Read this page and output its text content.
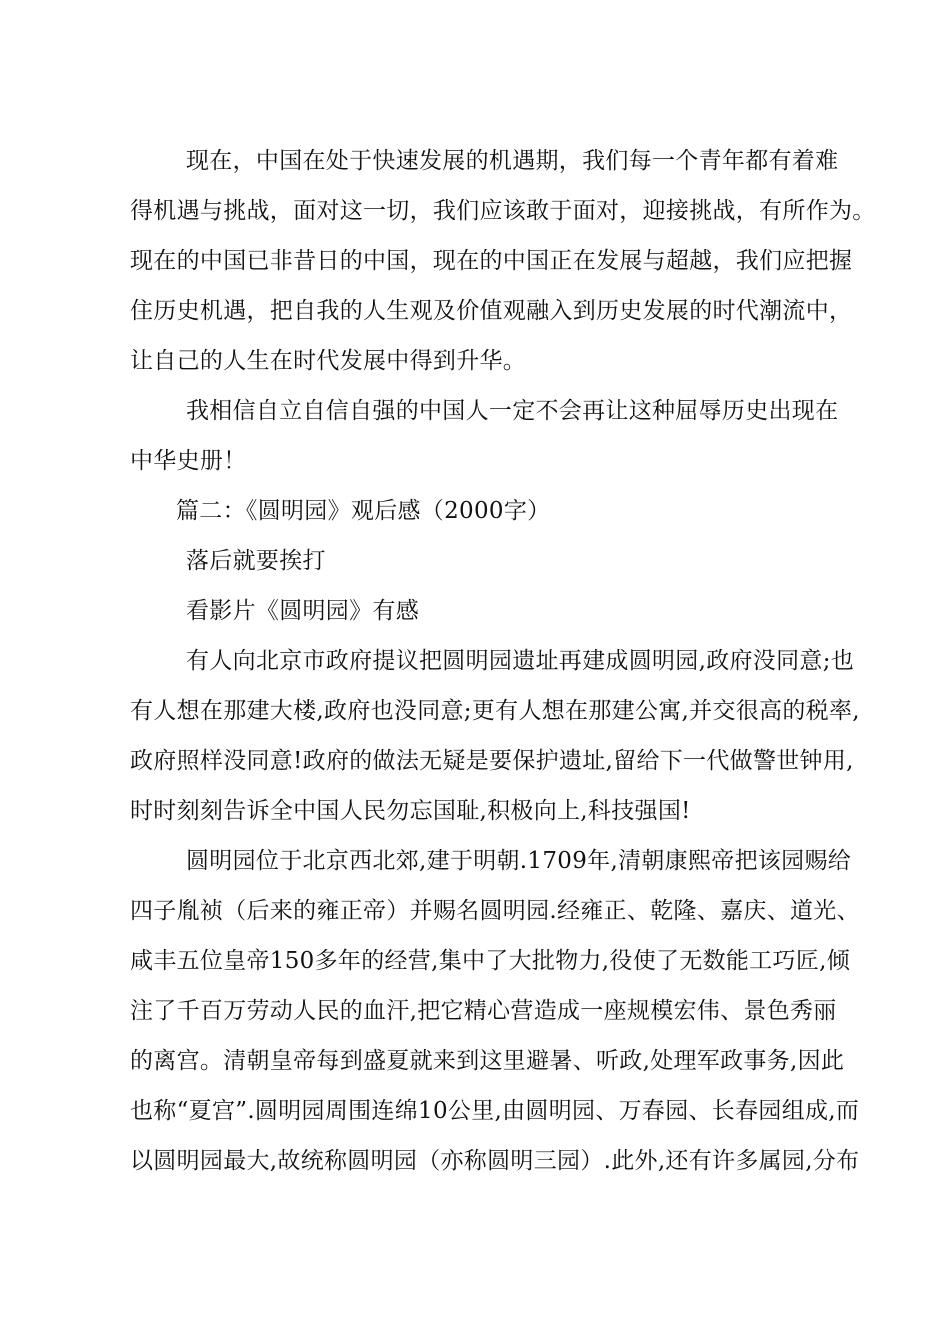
现在，中国在处于快速发展的机遇期，我们每一个青年都有着难
得机遇与挑战，面对这一切，我们应该敢于面对，迎接挑战，有所作为。
现在的中国已非昔日的中国，现在的中国正在发展与超越，我们应把握
住历史机遇，把自我的人生观及价值观融入到历史发展的时代潮流中，
让自己的人生在时代发展中得到升华。
我相信自立自信自强的中国人一定不会再让这种屈辱历史出现在
中华史册！
篇二：《圆明园》观后感（2000字）
落后就要挨打
看影片《圆明园》有感
有人向北京市政府提议把圆明园遗址再建成圆明园,政府没同意;也
有人想在那建大楼,政府也没同意;更有人想在那建公寓,并交很高的税率,
政府照样没同意!政府的做法无疑是要保护遗址,留给下一代做警世钟用,
时时刻刻告诉全中国人民勿忘国耻,积极向上,科技强国!
圆明园位于北京西北郊,建于明朝.1709年,清朝康熙帝把该园赐给
四子胤祯（后来的雍正帝）并赐名圆明园.经雍正、乾隆、嘉庆、道光、
咸丰五位皇帝150多年的经营,集中了大批物力,役使了无数能工巧匠,倾
注了千百万劳动人民的血汗,把它精心营造成一座规模宏伟、景色秀丽
的离宫。清朝皇帝每到盛夏就来到这里避暑、听政,处理军政事务,因此
也称“夏宫”.圆明园周围连绵10公里,由圆明园、万春园、长春园组成,而
以圆明园最大,故统称圆明园（亦称圆明三园）.此外,还有许多属园,分布
